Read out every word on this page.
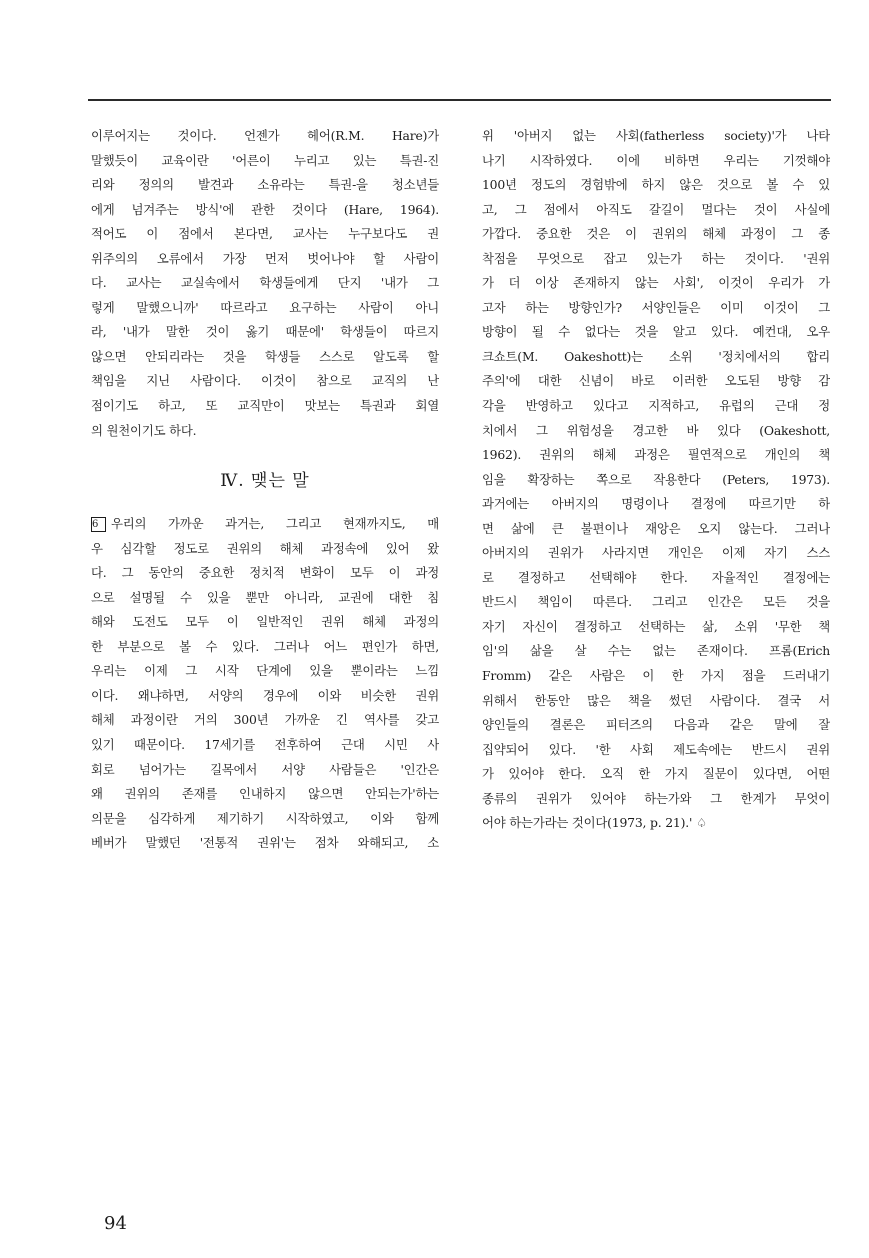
이루어지는 것이다. 언젠가 헤어(R.M. Hare)가
말했듯이 교육이란 '어른이 누리고 있는 특권-진
리와 정의의 발견과 소유라는 특권-을 청소년들
에게 넘겨주는 방식'에 관한 것이다 (Hare, 1964).
적어도 이 점에서 본다면, 교사는 누구보다도 권
위주의의 오류에서 가장 먼저 벗어나야 할 사람이
다. 교사는 교실속에서 학생들에게 단지 '내가 그
렇게 말했으니까' 따르라고 요구하는 사람이 아니
라, '내가 말한 것이 옳기 때문에' 학생들이 따르지
않으면 안되리라는 것을 학생들 스스로 알도록 할
책임을 지닌 사람이다. 이것이 참으로 교직의 난
점이기도 하고, 또 교직만이 맛보는 특권과 회열
의 원천이기도 하다.
Ⅳ. 맺는 말
6	우리의 가까운 과거는, 그리고 현재까지도, 매
우 심각할 정도로 권위의 해체 과정속에 있어 왔
다. 그 동안의 중요한 정치적 변화이 모두 이 과정
으로 설명될 수 있을 뿐만 아니라, 교권에 대한 침
해와 도전도 모두 이 일반적인 권위 해체 과정의
한 부분으로 볼 수 있다. 그러나 어느 편인가 하면,
우리는 이제 그 시작 단계에 있을 뿐이라는 느낌
이다. 왜냐하면, 서양의 경우에 이와 비슷한 권위
해체 과정이란 거의 300년 가까운 긴 역사를 갖고
있기 때문이다. 17세기를 전후하여 근대 시민 사
회로 넘어가는 길목에서 서양 사람들은 '인간은
왜 권위의 존재를 인내하지 않으면 안되는가'하는
의문을 심각하게 제기하기 시작하였고, 이와 함께
베버가 말했던 '전통적 권위'는 점차 와해되고, 소
위 '아버지 없는 사회(fatherless society)'가 나타
나기 시작하였다. 이에 비하면 우리는 기껏해야
100년 정도의 경험밖에 하지 않은 것으로 볼 수 있
고, 그 점에서 아직도 갈길이 멀다는 것이 사실에
가깝다. 중요한 것은 이 권위의 해체 과정이 그 종
착점을 무엇으로 잡고 있는가 하는 것이다. '권위
가 더 이상 존재하지 않는 사회', 이것이 우리가 가
고자 하는 방향인가? 서양인들은 이미 이것이 그
방향이 될 수 없다는 것을 알고 있다. 예컨대, 오우
크쇼트(M. Oakeshott)는 소위 '정치에서의 합리
주의'에 대한 신념이 바로 이러한 오도된 방향 감
각을 반영하고 있다고 지적하고, 유럽의 근대 정
치에서 그 위험성을 경고한 바 있다 (Oakeshott,
1962). 권위의 해체 과정은 필연적으로 개인의 책
임을 확장하는 쪽으로 작용한다 (Peters, 1973).
과거에는 아버지의 명령이나 결정에 따르기만 하
면 삶에 큰 불편이나 재앙은 오지 않는다. 그러나
아버지의 권위가 사라지면 개인은 이제 자기 스스
로 결정하고 선택해야 한다. 자율적인 결정에는
반드시 책임이 따른다. 그리고 인간은 모든 것을
자기 자신이 결정하고 선택하는 삶, 소위 '무한 책
임'의 삶을 살 수는 없는 존재이다. 프롬(Erich
Fromm) 같은 사람은 이 한 가지 점을 드러내기
위해서 한동안 많은 책을 썼던 사람이다. 결국 서
양인들의 결론은 피터즈의 다음과 같은 말에 잘
집약되어 있다. '한 사회 제도속에는 반드시 권위
가 있어야 한다. 오직 한 가지 질문이 있다면, 어떤
종류의 권위가 있어야 하는가와 그 한계가 무엇이
어야 하는가라는 것이다(1973, p. 21).' ♤
94
